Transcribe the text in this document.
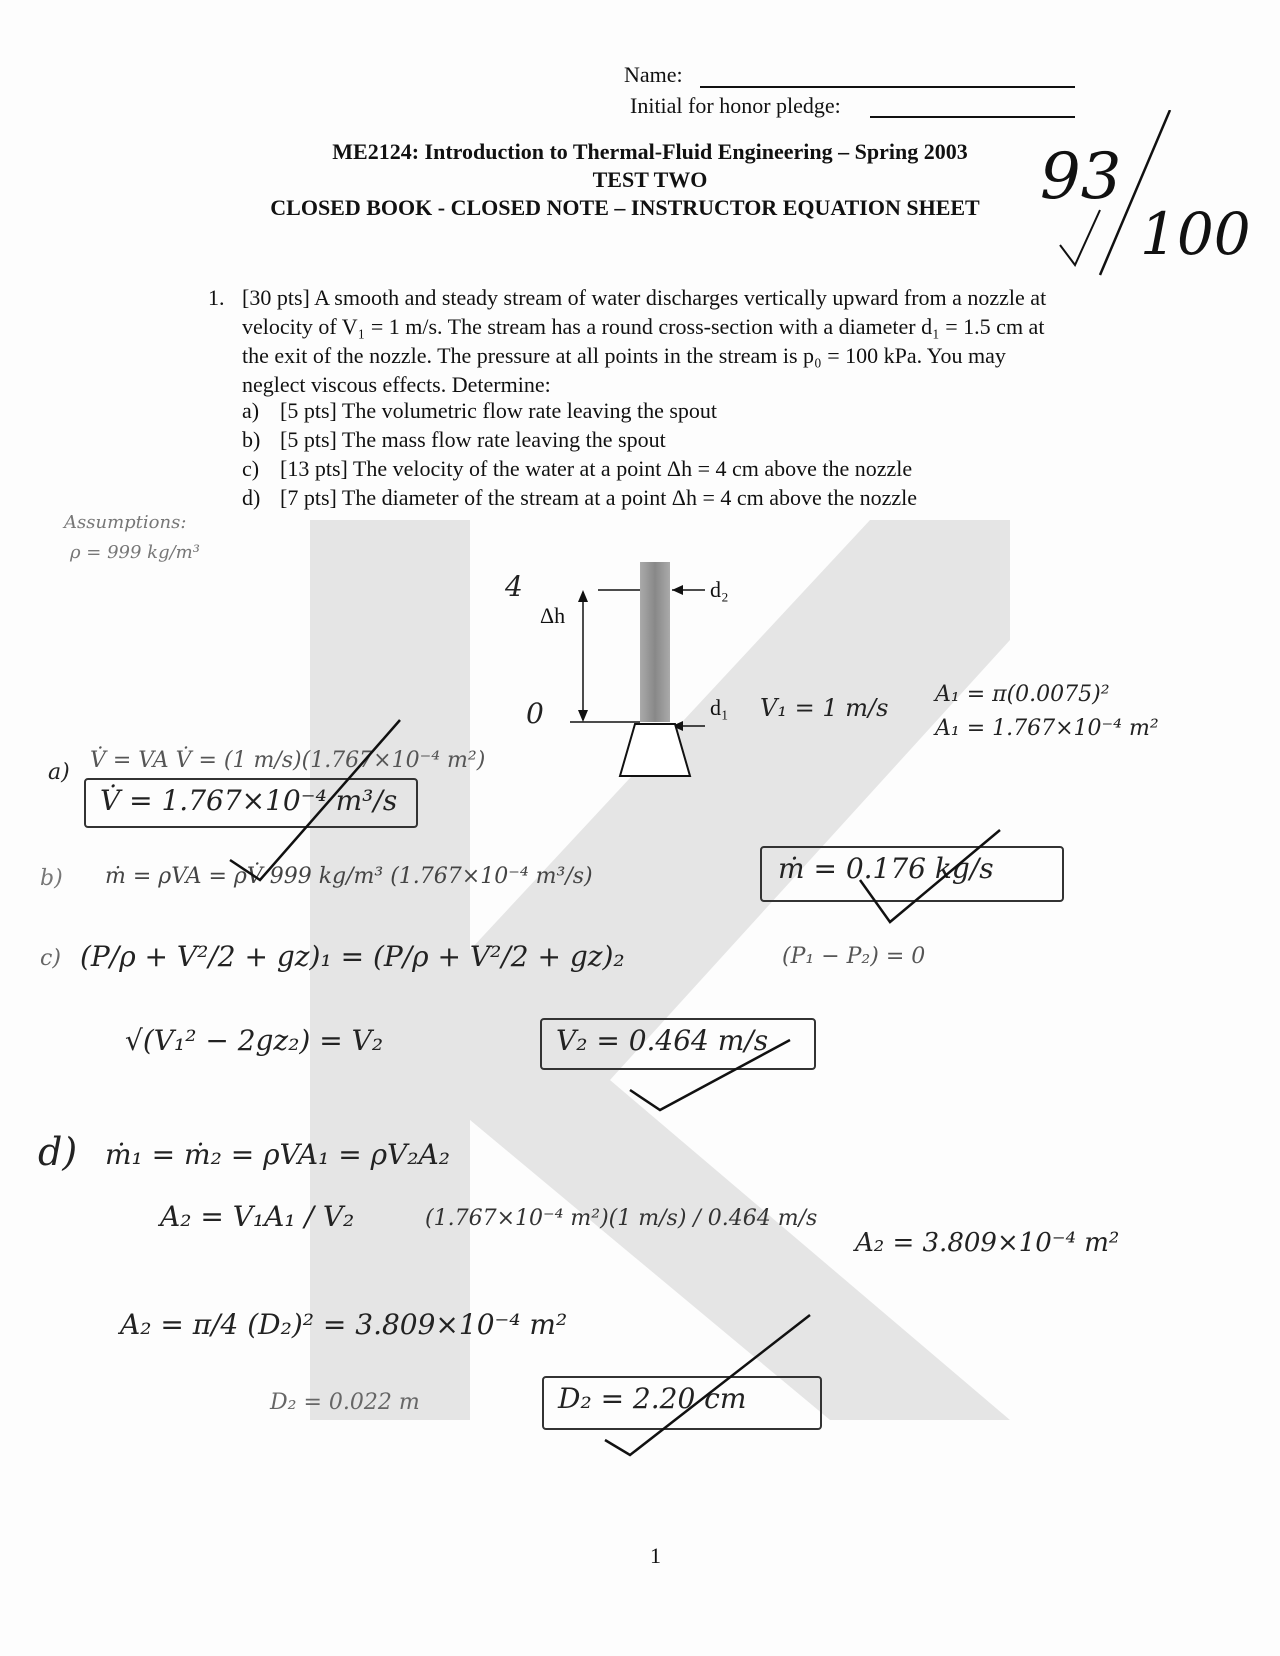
Name:
Initial for honor pledge:
ME2124: Introduction to Thermal-Fluid Engineering – Spring 2003
TEST TWO
CLOSED BOOK - CLOSED NOTE – INSTRUCTOR EQUATION SHEET 93
100
1. [30 pts] A smooth and steady stream of water discharges vertically upward from a nozzle at velocity of V₁ = 1 m/s. The stream has a round cross-section with a diameter d₁ = 1.5 cm at the exit of the nozzle. The pressure at all points in the stream is p₀ = 100 kPa. You may neglect viscous effects. Determine:
a) [5 pts] The volumetric flow rate leaving the spout
b) [5 pts] The mass flow rate leaving the spout
c) [13 pts] The velocity of the water at a point Δh = 4 cm above the nozzle
d) [7 pts] The diameter of the stream at a point Δh = 4 cm above the nozzle
Assumptions:
ρ = 999 kg/m³
Δh
d₂
d₁
4
0	V₁ = 1 m/s A₁ = π(0.0075)²
A₁ = 1.767×10⁻⁴ m²
a) V̇ = VA V̇ = (1 m/s)(1.767×10⁻⁴ m²)
V̇ = 1.767×10⁻⁴ m³/s
b) ṁ = ρVA = ρV̇ 999 kg/m³ (1.767×10⁻⁴ m³/s)	ṁ = 0.176 kg/s
c) (P/ρ + V²/2 + gz)₁ = (P/ρ + V²/2 + gz)₂	(P₁ − P₂) = 0
√(V₁² − 2gz₂) = V₂	V₂ = 0.464 m/s
d) ṁ₁ = ṁ₂ = ρVA₁ = ρV₂A₂
A₂ = V₁A₁ / V₂	(1.767×10⁻⁴ m²)(1 m/s) / 0.464 m/s
A₂ = 3.809×10⁻⁴ m²
A₂ = π/4 (D₂)² = 3.809×10⁻⁴ m²
D₂ = 0.022 m	D₂ = 2.20 cm
1
